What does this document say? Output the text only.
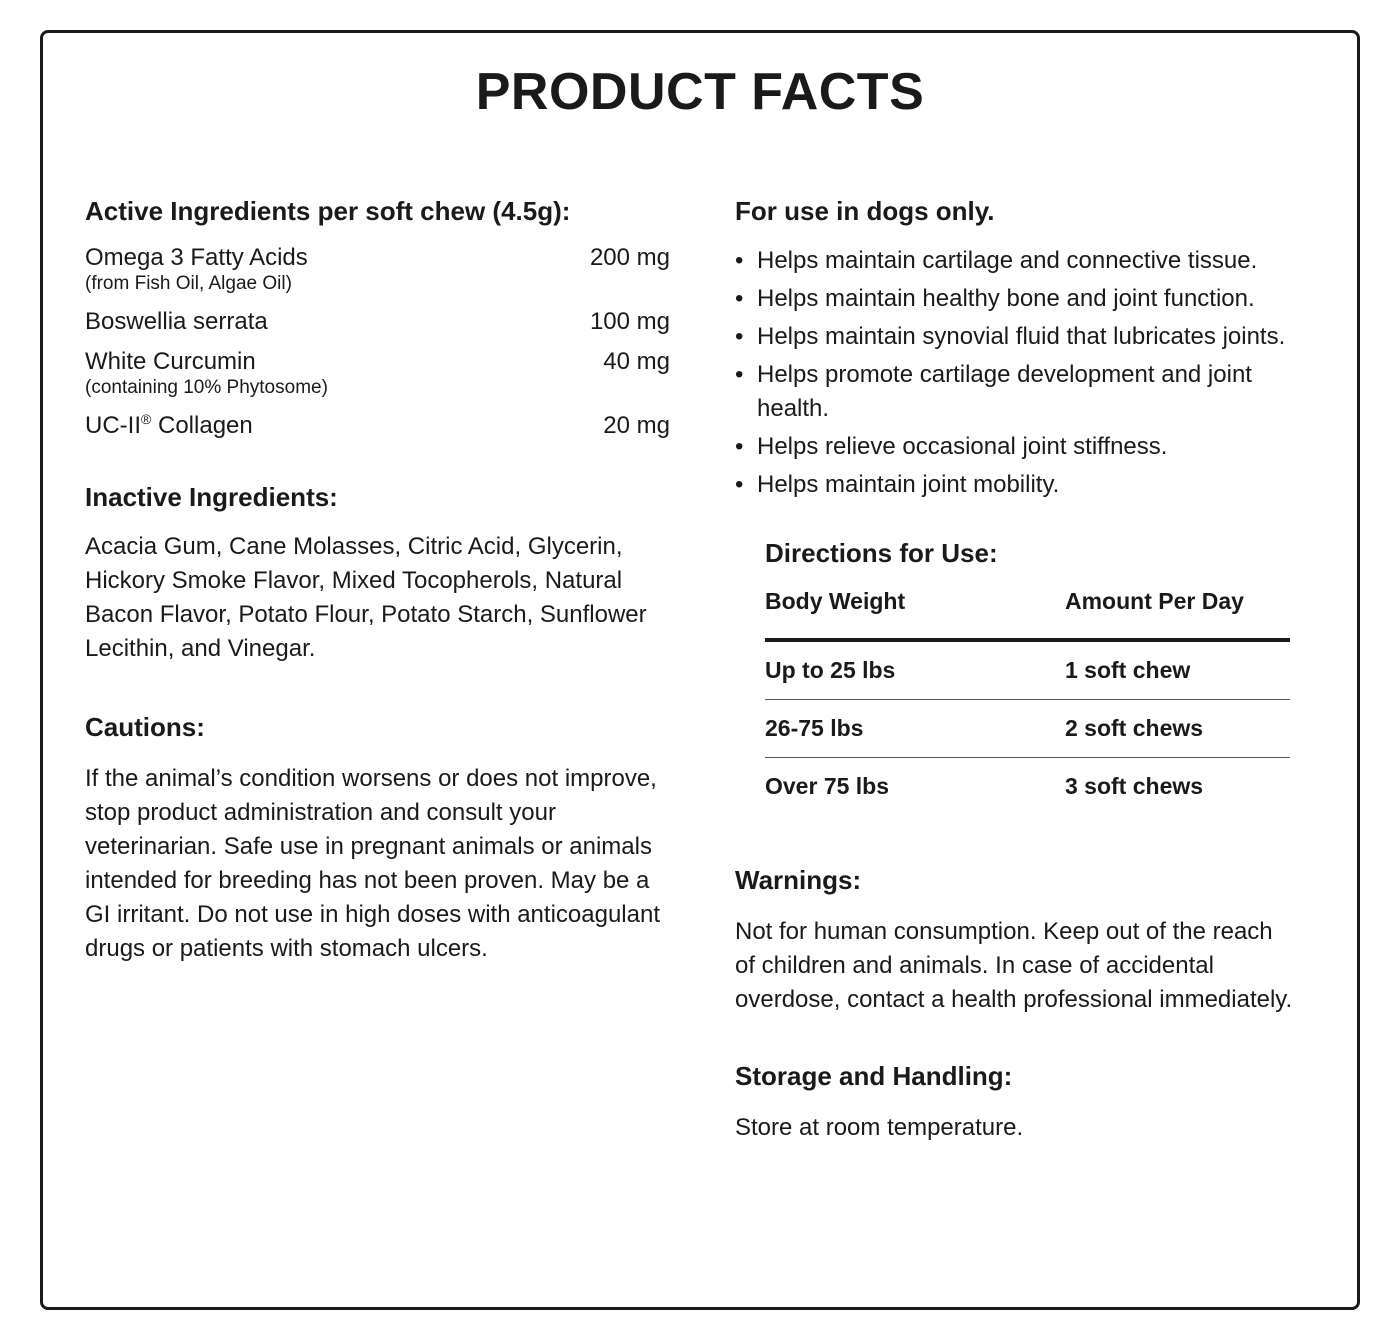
PRODUCT FACTS
Active Ingredients per soft chew (4.5g):
Omega 3 Fatty Acids	200 mg
(from Fish Oil, Algae Oil)
Boswellia serrata	100 mg
White Curcumin	40 mg
(containing 10% Phytosome)
UC-II® Collagen	20 mg
Inactive Ingredients:

Acacia Gum, Cane Molasses, Citric Acid, Glycerin, Hickory Smoke Flavor, Mixed Tocopherols, Natural Bacon Flavor, Potato Flour, Potato Starch, Sunflower Lecithin, and Vinegar.

Cautions:

If the animal’s condition worsens or does not improve, stop product administration and consult your veterinarian. Safe use in pregnant animals or animals intended for breeding has not been proven. May be a GI irritant. Do not use in high doses with anticoagulant drugs or patients with stomach ulcers.

For use in dogs only.
• Helps maintain cartilage and connective tissue.
• Helps maintain healthy bone and joint function.
• Helps maintain synovial fluid that lubricates joints.
• Helps promote cartilage development and joint health.
• Helps relieve occasional joint stiffness.
• Helps maintain joint mobility.
Directions for Use:
Body Weight	Amount Per Day
Up to 25 lbs	1 soft chew
26-75 lbs	2 soft chews
Over 75 lbs	3 soft chews
Warnings:

Not for human consumption. Keep out of the reach of children and animals. In case of accidental overdose, contact a health professional immediately.

Storage and Handling:

Store at room temperature.
